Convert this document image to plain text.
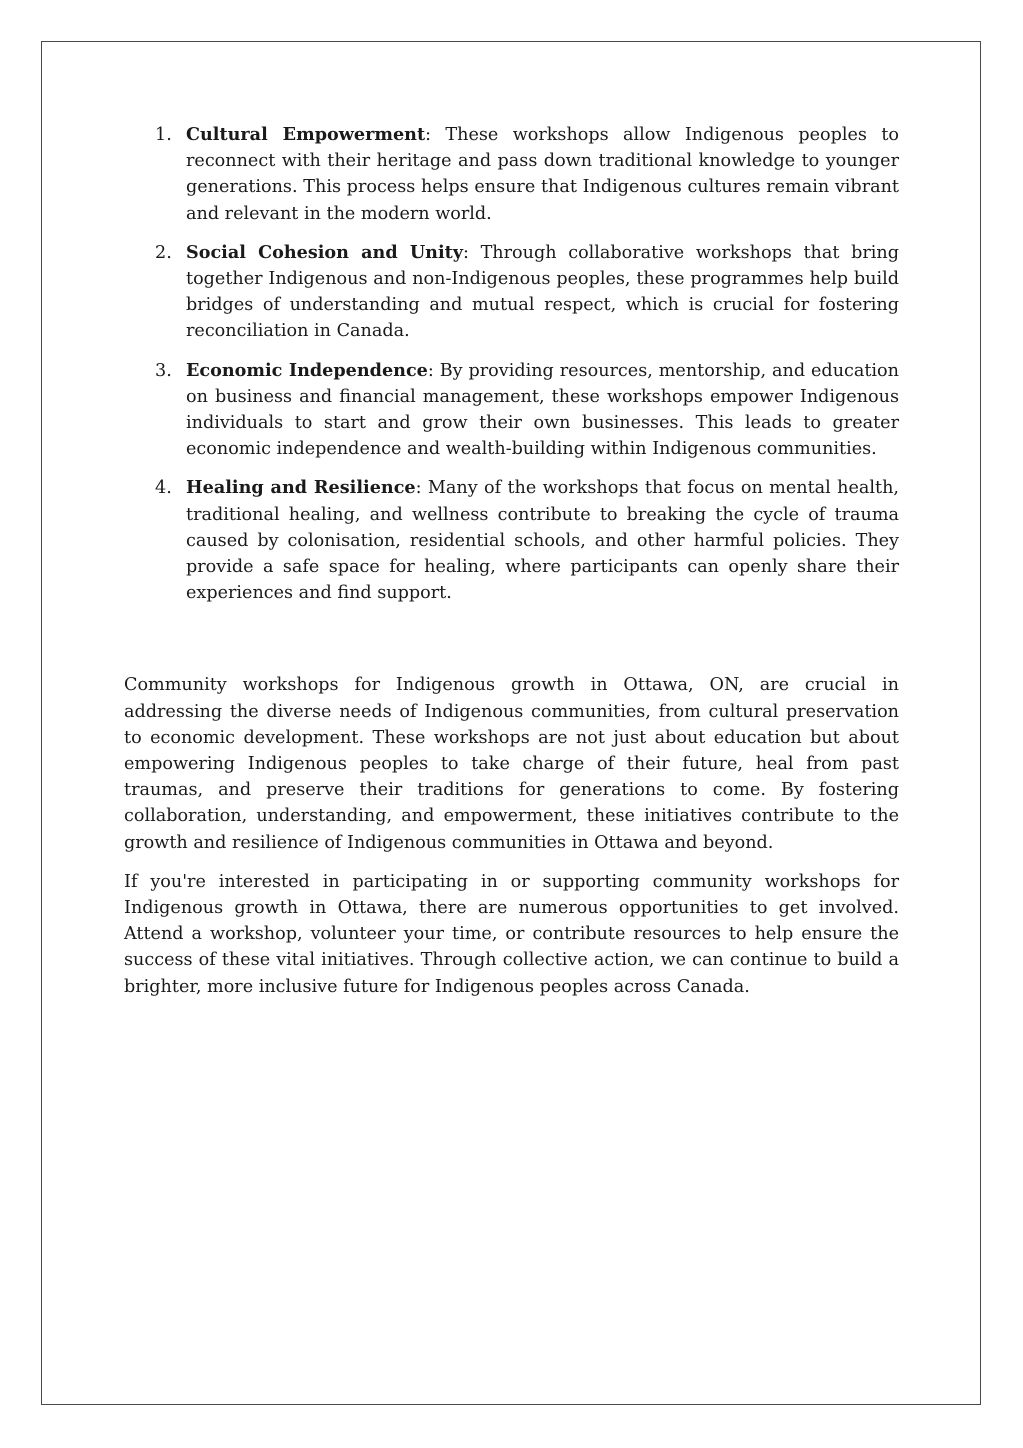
1. Cultural Empowerment: These workshops allow Indigenous peoples to reconnect with their heritage and pass down traditional knowledge to younger generations. This process helps ensure that Indigenous cultures remain vibrant and relevant in the modern world.
2. Social Cohesion and Unity: Through collaborative workshops that bring together Indigenous and non-Indigenous peoples, these programmes help build bridges of understanding and mutual respect, which is crucial for fostering reconciliation in Canada.
3. Economic Independence: By providing resources, mentorship, and education on business and financial management, these workshops empower Indigenous individuals to start and grow their own businesses. This leads to greater economic independence and wealth-building within Indigenous communities.
4. Healing and Resilience: Many of the workshops that focus on mental health, traditional healing, and wellness contribute to breaking the cycle of trauma caused by colonisation, residential schools, and other harmful policies. They provide a safe space for healing, where participants can openly share their experiences and find support.

Community workshops for Indigenous growth in Ottawa, ON, are crucial in addressing the diverse needs of Indigenous communities, from cultural preservation to economic development. These workshops are not just about education but about empowering Indigenous peoples to take charge of their future, heal from past traumas, and preserve their traditions for generations to come. By fostering collaboration, understanding, and empowerment, these initiatives contribute to the growth and resilience of Indigenous communities in Ottawa and beyond.

If you're interested in participating in or supporting community workshops for Indigenous growth in Ottawa, there are numerous opportunities to get involved. Attend a workshop, volunteer your time, or contribute resources to help ensure the success of these vital initiatives. Through collective action, we can continue to build a brighter, more inclusive future for Indigenous peoples across Canada.
